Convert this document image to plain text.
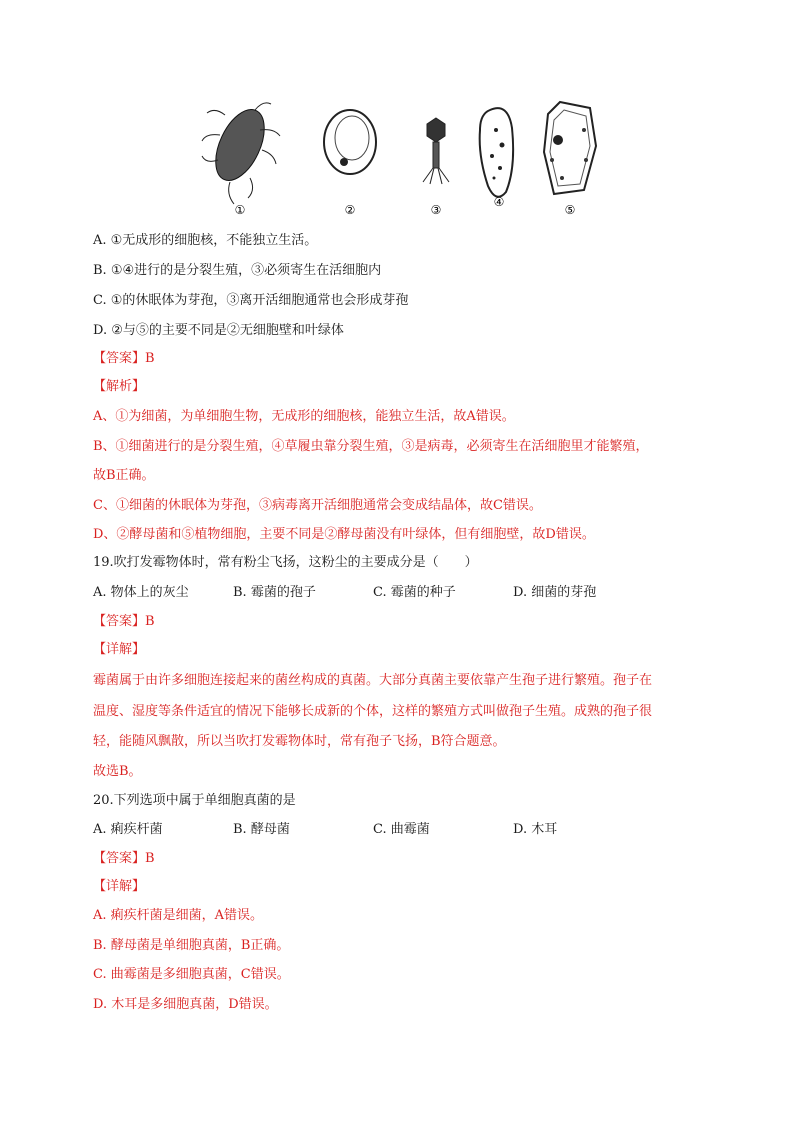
①	②	③
④
⑤
A. ①无成形的细胞核，不能独立生活。
B. ①④进行的是分裂生殖，③必须寄生在活细胞内
C. ①的休眠体为芽孢，③离开活细胞通常也会形成芽孢
D. ②与⑤的主要不同是②无细胞壁和叶绿体
【答案】B
【解析】
A、①为细菌，为单细胞生物，无成形的细胞核，能独立生活，故A错误。
B、①细菌进行的是分裂生殖，④草履虫靠分裂生殖，③是病毒，必须寄生在活细胞里才能繁殖，
故B正确。
C、①细菌的休眠体为芽孢，③病毒离开活细胞通常会变成结晶体，故C错误。
D、②酵母菌和⑤植物细胞，主要不同是②酵母菌没有叶绿体，但有细胞壁，故D错误。
19.吹打发霉物体时，常有粉尘飞扬，这粉尘的主要成分是（　　）
A. 物体上的灰尘	B. 霉菌的孢子	C. 霉菌的种子	D. 细菌的芽孢
【答案】B
【详解】
霉菌属于由许多细胞连接起来的菌丝构成的真菌。大部分真菌主要依靠产生孢子进行繁殖。孢子在
温度、湿度等条件适宜的情况下能够长成新的个体，这样的繁殖方式叫做孢子生殖。成熟的孢子很
轻，能随风飘散，所以当吹打发霉物体时，常有孢子飞扬，B符合题意。
故选B。
20.下列选项中属于单细胞真菌的是
A. 痢疾杆菌	B. 酵母菌	C. 曲霉菌	D. 木耳
【答案】B
【详解】
A. 痢疾杆菌是细菌，A错误。
B. 酵母菌是单细胞真菌，B正确。
C. 曲霉菌是多细胞真菌，C错误。
D. 木耳是多细胞真菌，D错误。
